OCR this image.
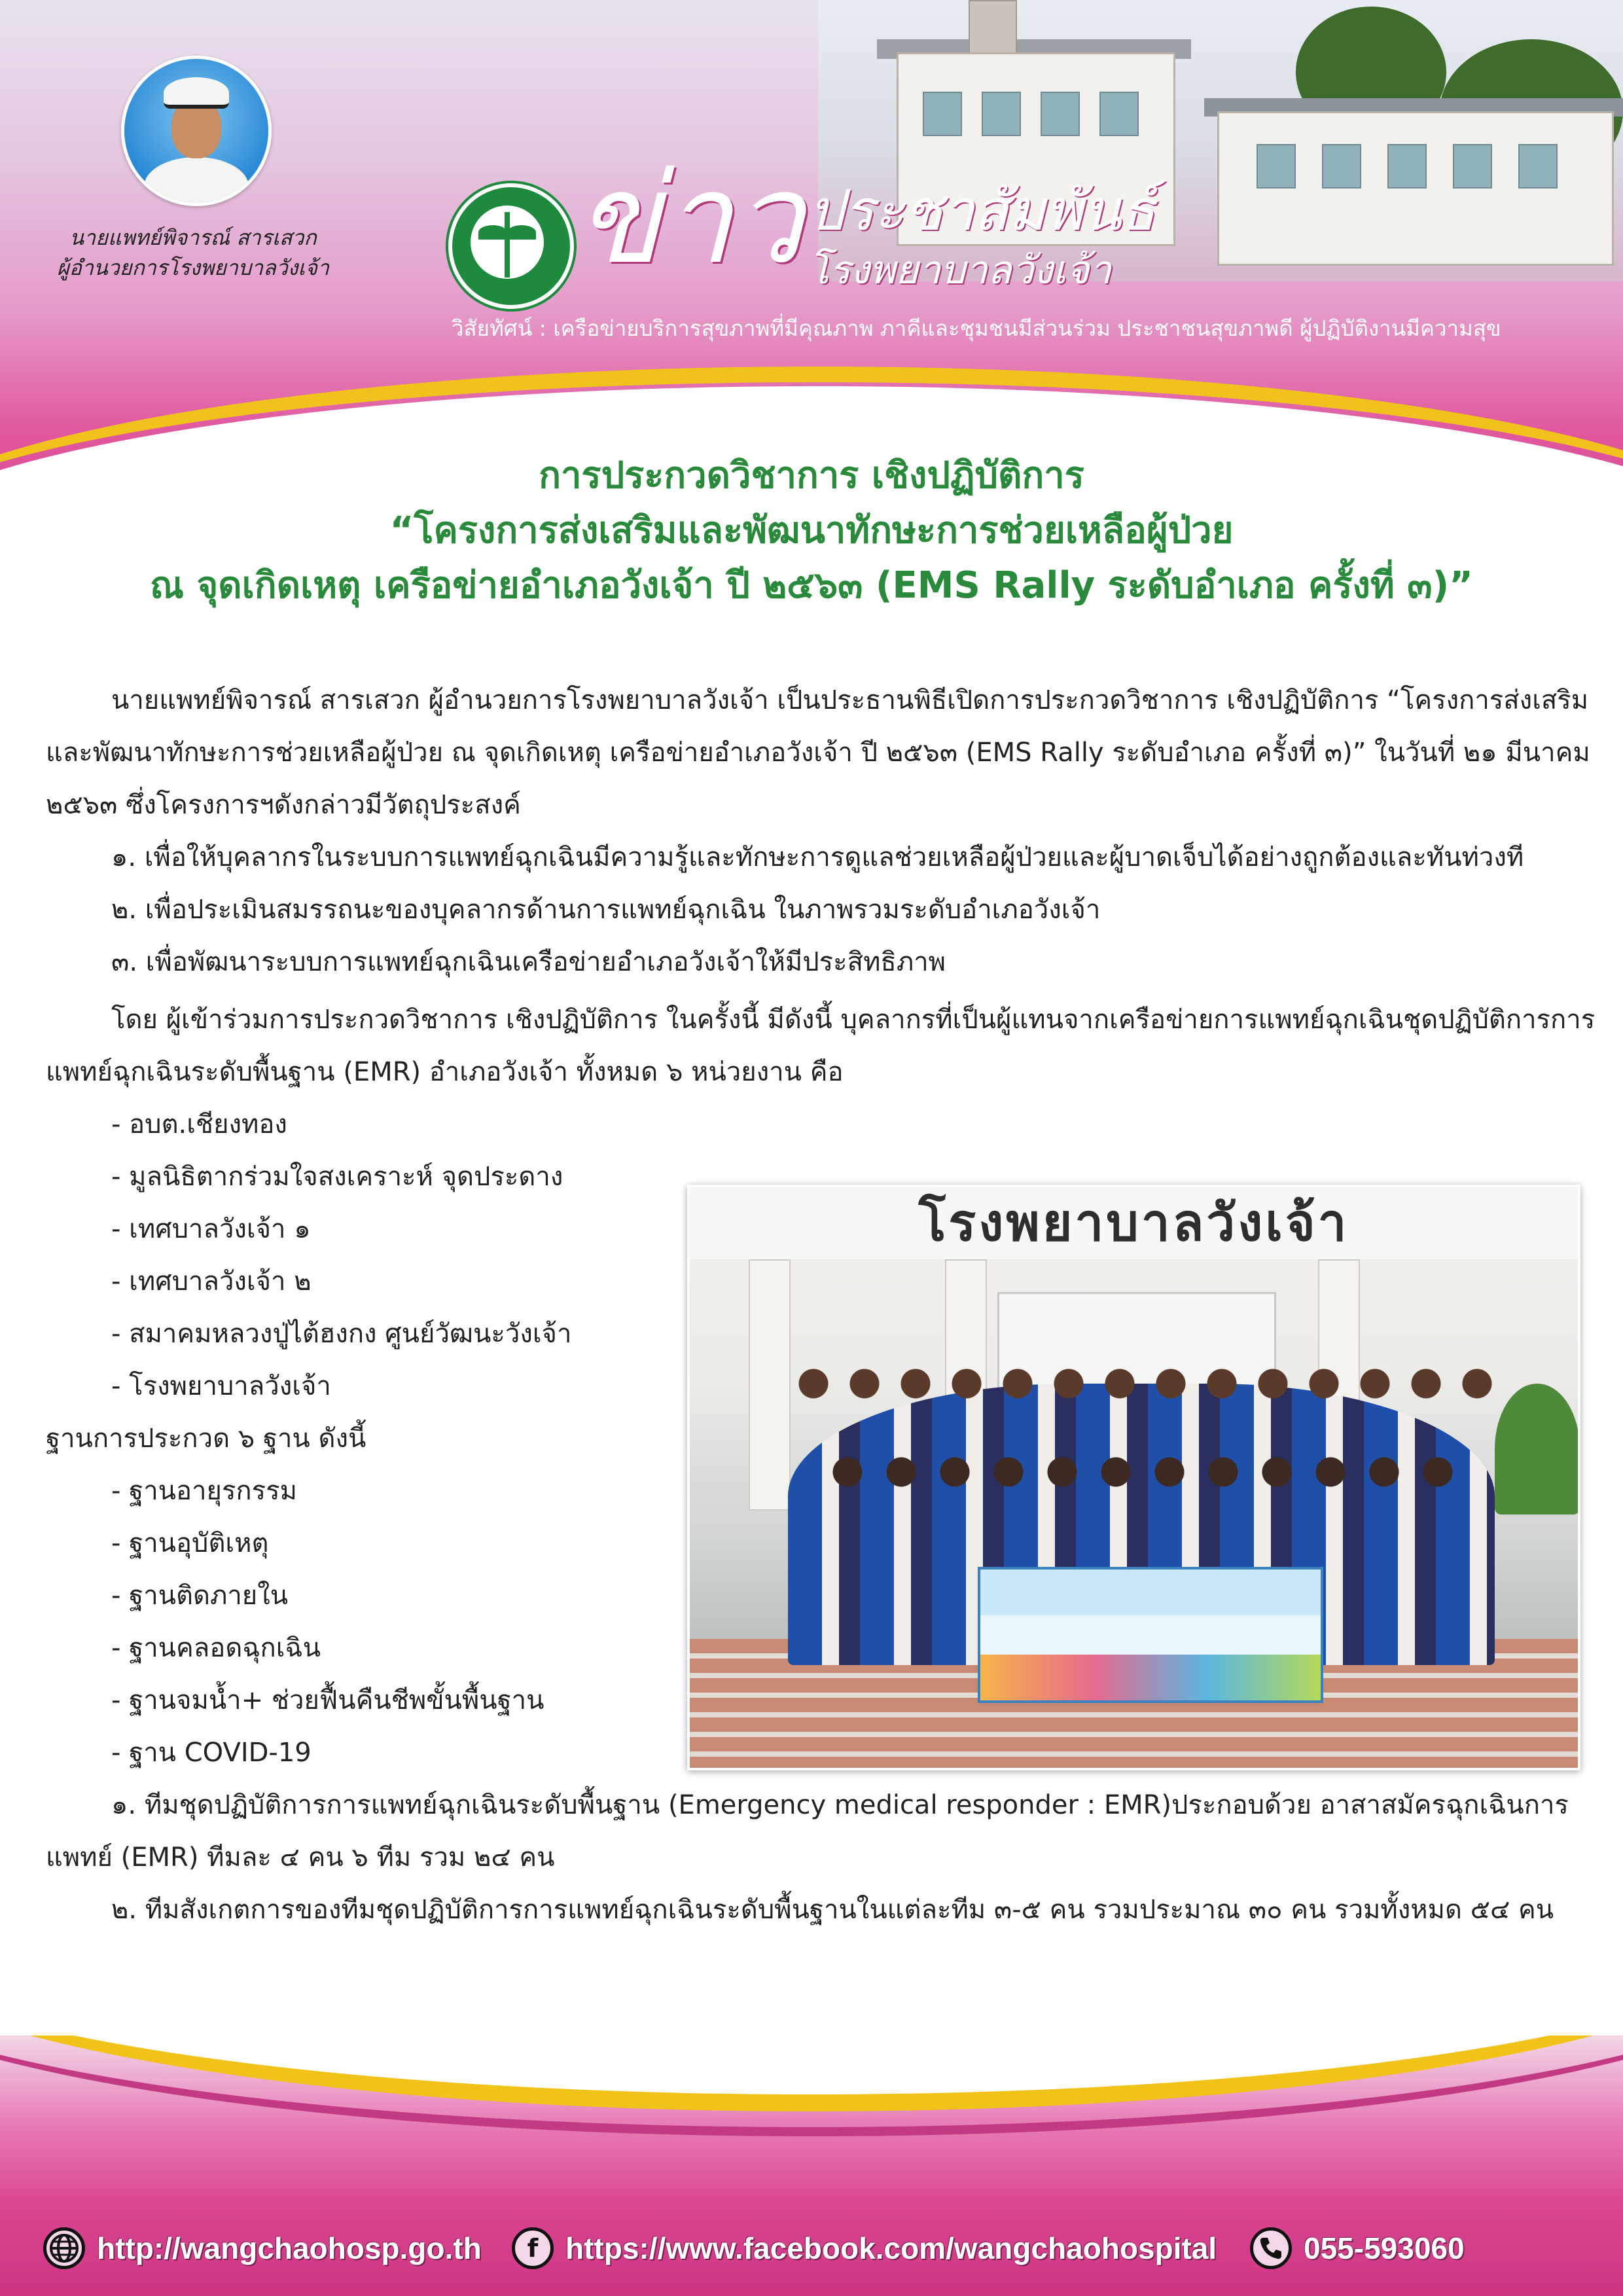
นายแพทย์พิจารณ์ สารเสวก
ผู้อำนวยการโรงพยาบาลวังเจ้า ข่าว ประชาสัมพันธ์
โรงพยาบาลวังเจ้า
วิสัยทัศน์ : เครือข่ายบริการสุขภาพที่มีคุณภาพ ภาคีและชุมชนมีส่วนร่วม ประชาชนสุขภาพดี ผู้ปฏิบัติงานมีความสุข
การประกวดวิชาการ เชิงปฏิบัติการ
“โครงการส่งเสริมและพัฒนาทักษะการช่วยเหลือผู้ป่วย
ณ จุดเกิดเหตุ เครือข่ายอำเภอวังเจ้า ปี ๒๕๖๓ (EMS Rally ระดับอำเภอ ครั้งที่ ๓)”

นายแพทย์พิจารณ์ สารเสวก ผู้อำนวยการโรงพยาบาลวังเจ้า เป็นประธานพิธีเปิดการประกวดวิชาการ เชิงปฏิบัติการ “โครงการส่งเสริมและพัฒนาทักษะการช่วยเหลือผู้ป่วย ณ จุดเกิดเหตุ เครือข่ายอำเภอวังเจ้า ปี ๒๕๖๓ (EMS Rally ระดับอำเภอ ครั้งที่ ๓)” ในวันที่ ๒๑ มีนาคม ๒๕๖๓ ซึ่งโครงการฯดังกล่าวมีวัตถุประสงค์

๑. เพื่อให้บุคลากรในระบบการแพทย์ฉุกเฉินมีความรู้และทักษะการดูแลช่วยเหลือผู้ป่วยและผู้บาดเจ็บได้อย่างถูกต้องและทันท่วงที

๒. เพื่อประเมินสมรรถนะของบุคลากรด้านการแพทย์ฉุกเฉิน ในภาพรวมระดับอำเภอวังเจ้า

๓. เพื่อพัฒนาระบบการแพทย์ฉุกเฉินเครือข่ายอำเภอวังเจ้าให้มีประสิทธิภาพ

โดย ผู้เข้าร่วมการประกวดวิชาการ เชิงปฏิบัติการ ในครั้งนี้ มีดังนี้ บุคลากรที่เป็นผู้แทนจากเครือข่ายการแพทย์ฉุกเฉินชุดปฏิบัติการการแพทย์ฉุกเฉินระดับพื้นฐาน (EMR) อำเภอวังเจ้า ทั้งหมด ๖ หน่วยงาน คือ

- อบต.เชียงทอง

- มูลนิธิตากร่วมใจสงเคราะห์ จุดประดาง

- เทศบาลวังเจ้า ๑

- เทศบาลวังเจ้า ๒

- สมาคมหลวงปู่ไต้ฮงกง ศูนย์วัฒนะวังเจ้า

- โรงพยาบาลวังเจ้า

ฐานการประกวด ๖ ฐาน ดังนี้

- ฐานอายุรกรรม

- ฐานอุบัติเหตุ

- ฐานติดภายใน

- ฐานคลอดฉุกเฉิน

- ฐานจมน้ำ+ ช่วยฟื้นคืนชีพขั้นพื้นฐาน

- ฐาน COVID-19

๑. ทีมชุดปฏิบัติการการแพทย์ฉุกเฉินระดับพื้นฐาน (Emergency medical responder : EMR)ประกอบด้วย อาสาสมัครฉุกเฉินการแพทย์ (EMR) ทีมละ ๔ คน ๖ ทีม รวม ๒๔ คน

๒. ทีมสังเกตการของทีมชุดปฏิบัติการการแพทย์ฉุกเฉินระดับพื้นฐานในแต่ละทีม ๓-๕ คน รวมประมาณ ๓๐ คน รวมทั้งหมด ๕๔ คน

โรงพยาบาลวังเจ้า
http://wangchaohosp.go.th	f https://www.facebook.com/wangchaohospital	055-593060
